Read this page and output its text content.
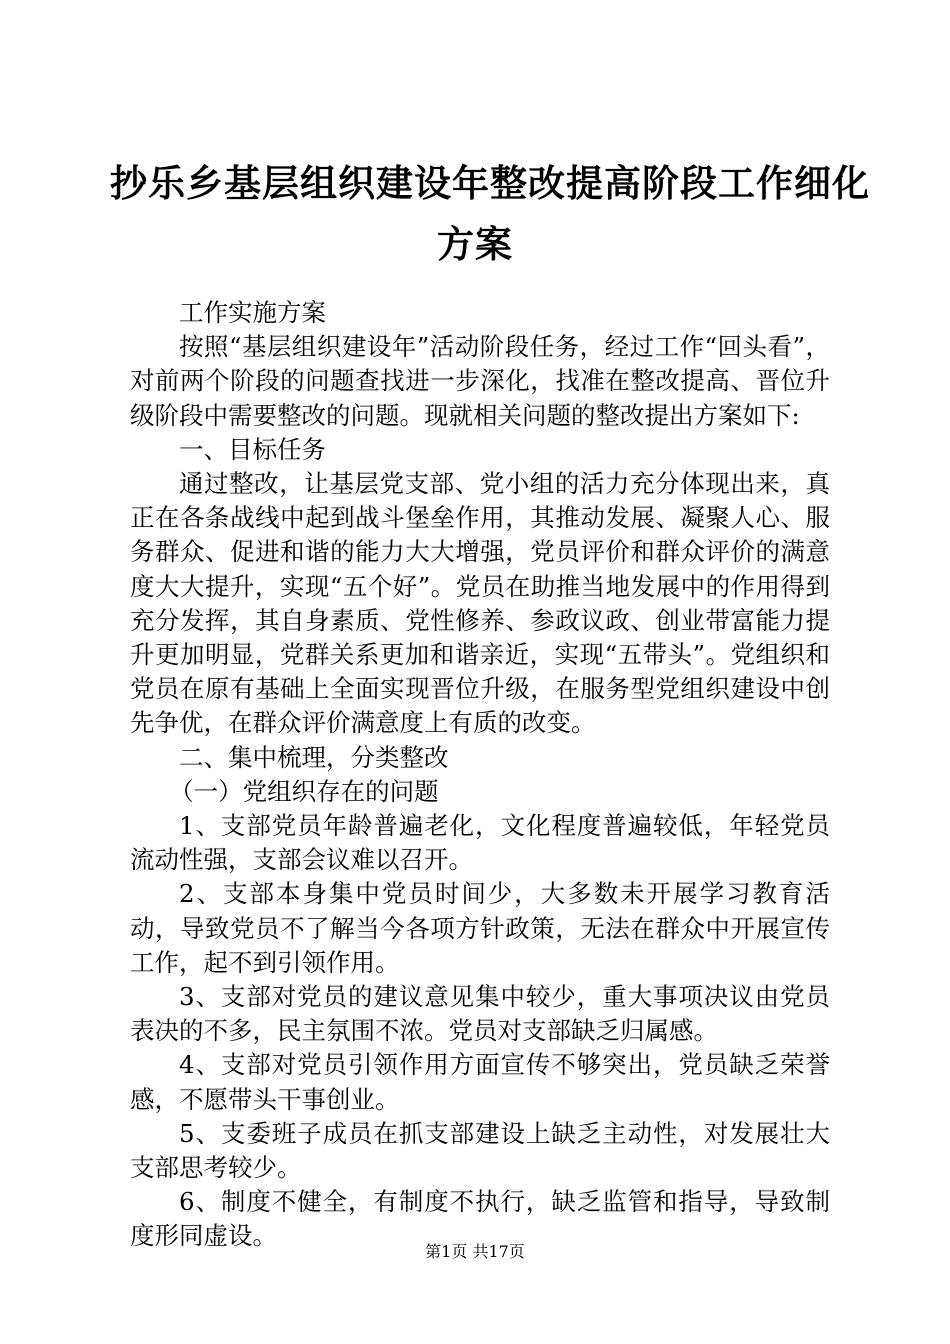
抄乐乡基层组织建设年整改提高阶段工作细化
方案

工作实施方案

按照“基层组织建设年”活动阶段任务，经过工作“回头看”，对前两个阶段的问题查找进一步深化，找准在整改提高、晋位升级阶段中需要整改的问题。现就相关问题的整改提出方案如下:

一、目标任务

通过整改，让基层党支部、党小组的活力充分体现出来，真正在各条战线中起到战斗堡垒作用，其推动发展、凝聚人心、服务群众、促进和谐的能力大大增强，党员评价和群众评价的满意度大大提升，实现“五个好”。党员在助推当地发展中的作用得到充分发挥，其自身素质、党性修养、参政议政、创业带富能力提升更加明显，党群关系更加和谐亲近，实现“五带头”。党组织和党员在原有基础上全面实现晋位升级，在服务型党组织建设中创先争优，在群众评价满意度上有质的改变。

二、集中梳理，分类整改

（一）党组织存在的问题

1、支部党员年龄普遍老化，文化程度普遍较低，年轻党员流动性强，支部会议难以召开。

2、支部本身集中党员时间少，大多数未开展学习教育活动，导致党员不了解当今各项方针政策，无法在群众中开展宣传工作，起不到引领作用。

3、支部对党员的建议意见集中较少，重大事项决议由党员表决的不多，民主氛围不浓。党员对支部缺乏归属感。

4、支部对党员引领作用方面宣传不够突出，党员缺乏荣誉感，不愿带头干事创业。

5、支委班子成员在抓支部建设上缺乏主动性，对发展壮大支部思考较少。

6、制度不健全，有制度不执行，缺乏监管和指导，导致制度形同虚设。

第1页 共17页
